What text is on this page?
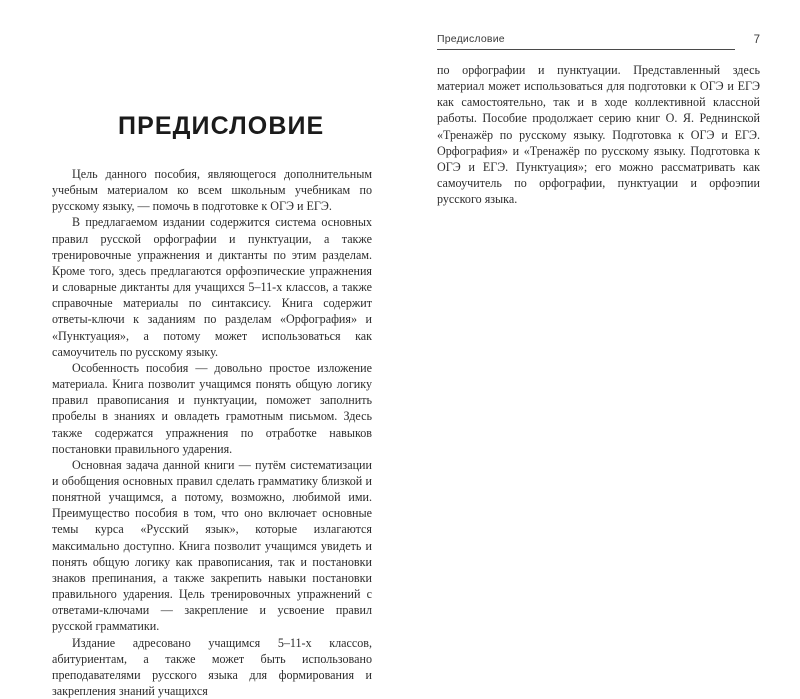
ПРЕДИСЛОВИЕ

Цель данного пособия, являющегося дополнительным учебным материалом ко всем школьным учебникам по русскому языку, — помочь в подготовке к ОГЭ и ЕГЭ.

В предлагаемом издании содержится система основных правил русской орфографии и пунктуации, а также тренировочные упражнения и диктанты по этим разделам. Кроме того, здесь предлагаются орфоэпические упражнения и словарные диктанты для учащихся 5–11-х классов, а также справочные материалы по синтаксису. Книга содержит ответы-ключи к заданиям по разделам «Орфография» и «Пунктуация», а потому может использоваться как самоучитель по русскому языку.

Особенность пособия — довольно простое изложение материала. Книга позволит учащимся понять общую логику правил правописания и пунктуации, поможет заполнить пробелы в знаниях и овладеть грамотным письмом. Здесь также содержатся упражнения по отработке навыков постановки правильного ударения.

Основная задача данной книги — путём систематизации и обобщения основных правил сделать грамматику близкой и понятной учащимся, а потому, возможно, любимой ими. Преимущество пособия в том, что оно включает основные темы курса «Русский язык», которые излагаются максимально доступно. Книга позволит учащимся увидеть и понять общую логику как правописания, так и постановки знаков препинания, а также закрепить навыки постановки правильного ударения. Цель тренировочных упражнений с ответами-ключами — закрепление и усвоение правил русской грамматики.

Издание адресовано учащимся 5–11-х классов, абитуриентам, а также может быть использовано преподавателями русского языка для формирования и закрепления знаний учащихся

Предисловие	7

по орфографии и пунктуации. Представленный здесь материал может использоваться для подготовки к ОГЭ и ЕГЭ как самостоятельно, так и в ходе коллективной классной работы. Пособие продолжает серию книг О. Я. Реднинской «Тренажёр по русскому языку. Подготовка к ОГЭ и ЕГЭ. Орфография» и «Тренажёр по русскому языку. Подготовка к ОГЭ и ЕГЭ. Пунктуация»; его можно рассматривать как самоучитель по орфографии, пунктуации и орфоэпии русского языка.
